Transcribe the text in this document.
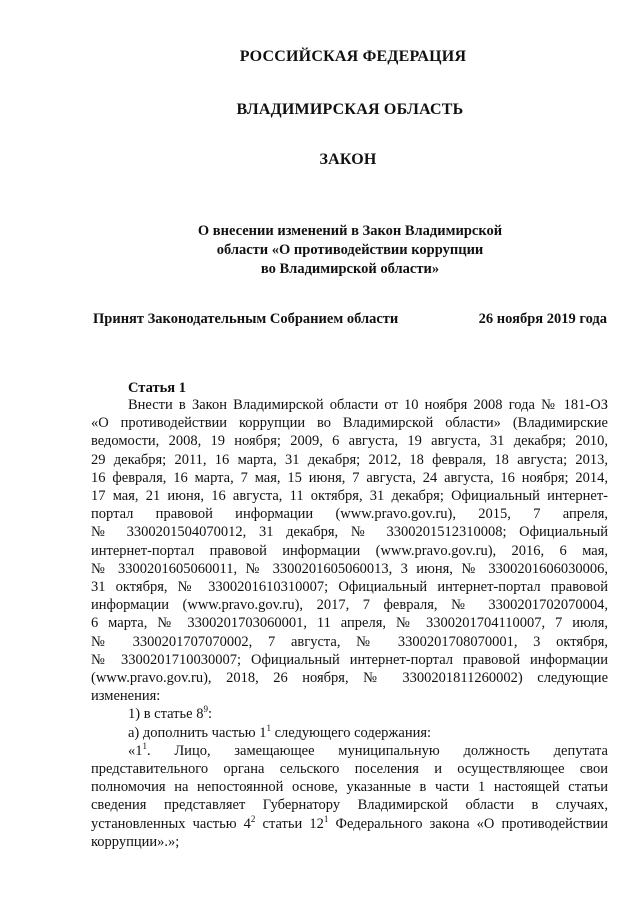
РОССИЙСКАЯ ФЕДЕРАЦИЯ
ВЛАДИМИРСКАЯ ОБЛАСТЬ
ЗАКОН
О внесении изменений в Закон Владимирской
области «О противодействии коррупции
во Владимирской области»
Принят Законодательным Собранием области	26 ноября 2019 года
Статья 1
Внести в Закон Владимирской области от 10 ноября 2008 года № 181-ОЗ
«О противодействии коррупции во Владимирской области» (Владимирские
ведомости, 2008, 19 ноября; 2009, 6 августа, 19 августа, 31 декабря; 2010,
29 декабря; 2011, 16 марта, 31 декабря; 2012, 18 февраля, 18 августа; 2013,
16 февраля, 16 марта, 7 мая, 15 июня, 7 августа, 24 августа, 16 ноября; 2014,
17 мая, 21 июня, 16 августа, 11 октября, 31 декабря; Официальный интернет-
портал правовой информации (www.pravo.gov.ru), 2015, 7 апреля,
№ 3300201504070012, 31 декабря, № 3300201512310008; Официальный
интернет-портал правовой информации (www.pravo.gov.ru), 2016, 6 мая,
№ 3300201605060011, № 3300201605060013, 3 июня, № 3300201606030006,
31 октября, № 3300201610310007; Официальный интернет-портал правовой
информации (www.pravo.gov.ru), 2017, 7 февраля, № 3300201702070004,
6 марта, № 3300201703060001, 11 апреля, № 3300201704110007, 7 июля,
№ 3300201707070002, 7 августа, № 3300201708070001, 3 октября,
№ 3300201710030007; Официальный интернет-портал правовой информации
(www.pravo.gov.ru), 2018, 26 ноября, № 3300201811260002) следующие
изменения:
1) в статье $8^9$:
а) дополнить частью $1^1$ следующего содержания:
«$1^1$. Лицо, замещающее муниципальную должность депутата
представительного органа сельского поселения и осуществляющее свои
полномочия на непостоянной основе, указанные в части 1 настоящей статьи
сведения представляет Губернатору Владимирской области в случаях,
установленных частью $4^2$ статьи $12^1$ Федерального закона «О противодействии
коррупции».»;
